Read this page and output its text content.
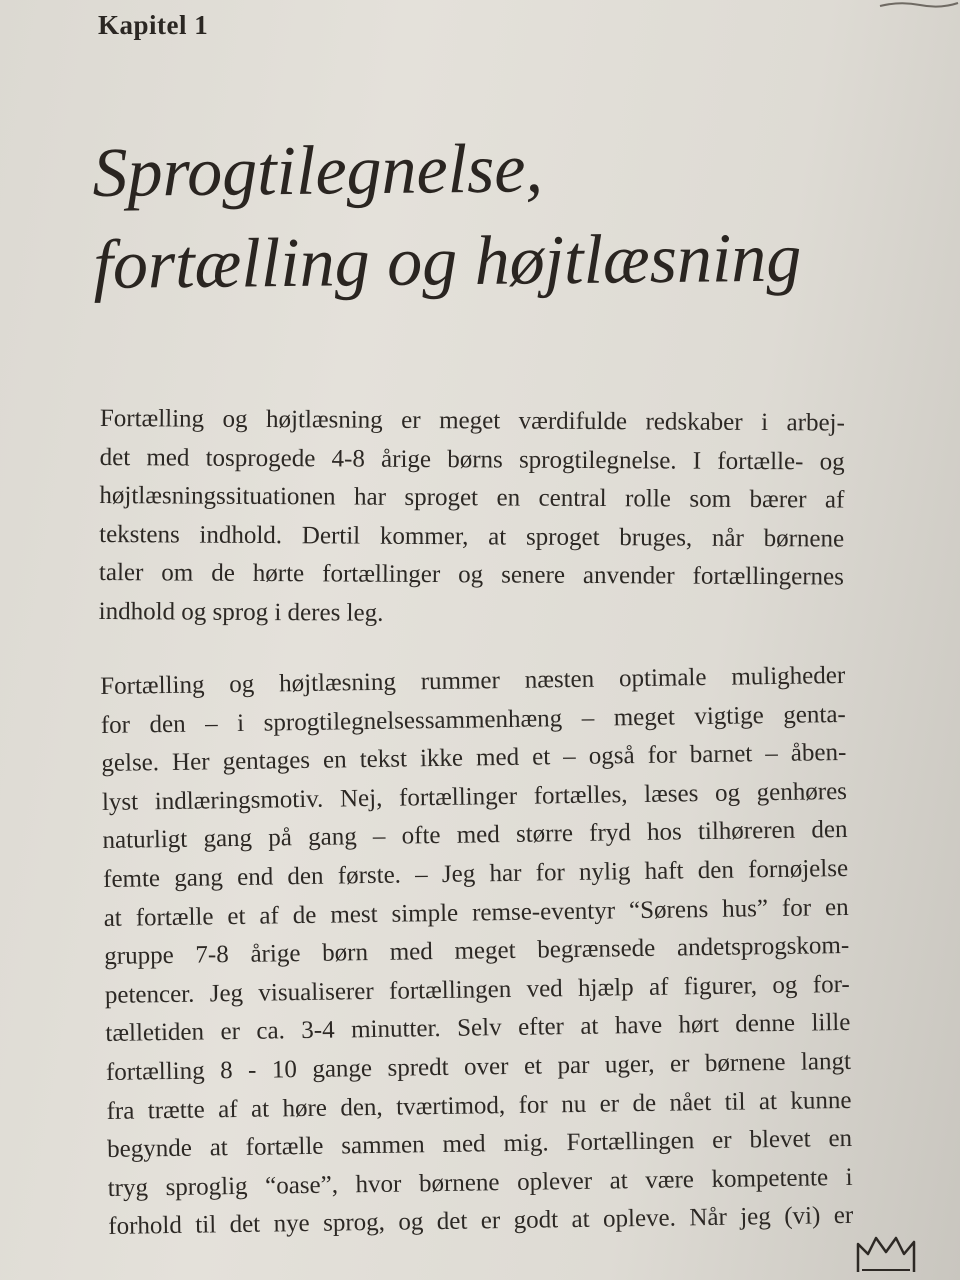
Kapitel 1
Sprogtilegnelse,
fortælling og højtlæsning
Fortælling og højtlæsning er meget værdifulde redskaber i arbej-
det med tosprogede 4-8 årige børns sprogtilegnelse. I fortælle- og
højtlæsningssituationen har sproget en central rolle som bærer af
tekstens indhold. Dertil kommer, at sproget bruges, når børnene
taler om de hørte fortællinger og senere anvender fortællingernes
indhold og sprog i deres leg.
Fortælling og højtlæsning rummer næsten optimale muligheder
for den – i sprogtilegnelsessammenhæng – meget vigtige genta-
gelse. Her gentages en tekst ikke med et – også for barnet – åben-
lyst indlæringsmotiv. Nej, fortællinger fortælles, læses og genhøres
naturligt gang på gang – ofte med større fryd hos tilhøreren den
femte gang end den første. – Jeg har for nylig haft den fornøjelse
at fortælle et af de mest simple remse-eventyr “Sørens hus” for en
gruppe 7-8 årige børn med meget begrænsede andetsprogskom-
petencer. Jeg visualiserer fortællingen ved hjælp af figurer, og for-
tælletiden er ca. 3-4 minutter. Selv efter at have hørt denne lille
fortælling 8 - 10 gange spredt over et par uger, er børnene langt
fra trætte af at høre den, tværtimod, for nu er de nået til at kunne
begynde at fortælle sammen med mig. Fortællingen er blevet en
tryg sproglig “oase”, hvor børnene oplever at være kompetente i
forhold til det nye sprog, og det er godt at opleve. Når jeg (vi) er
